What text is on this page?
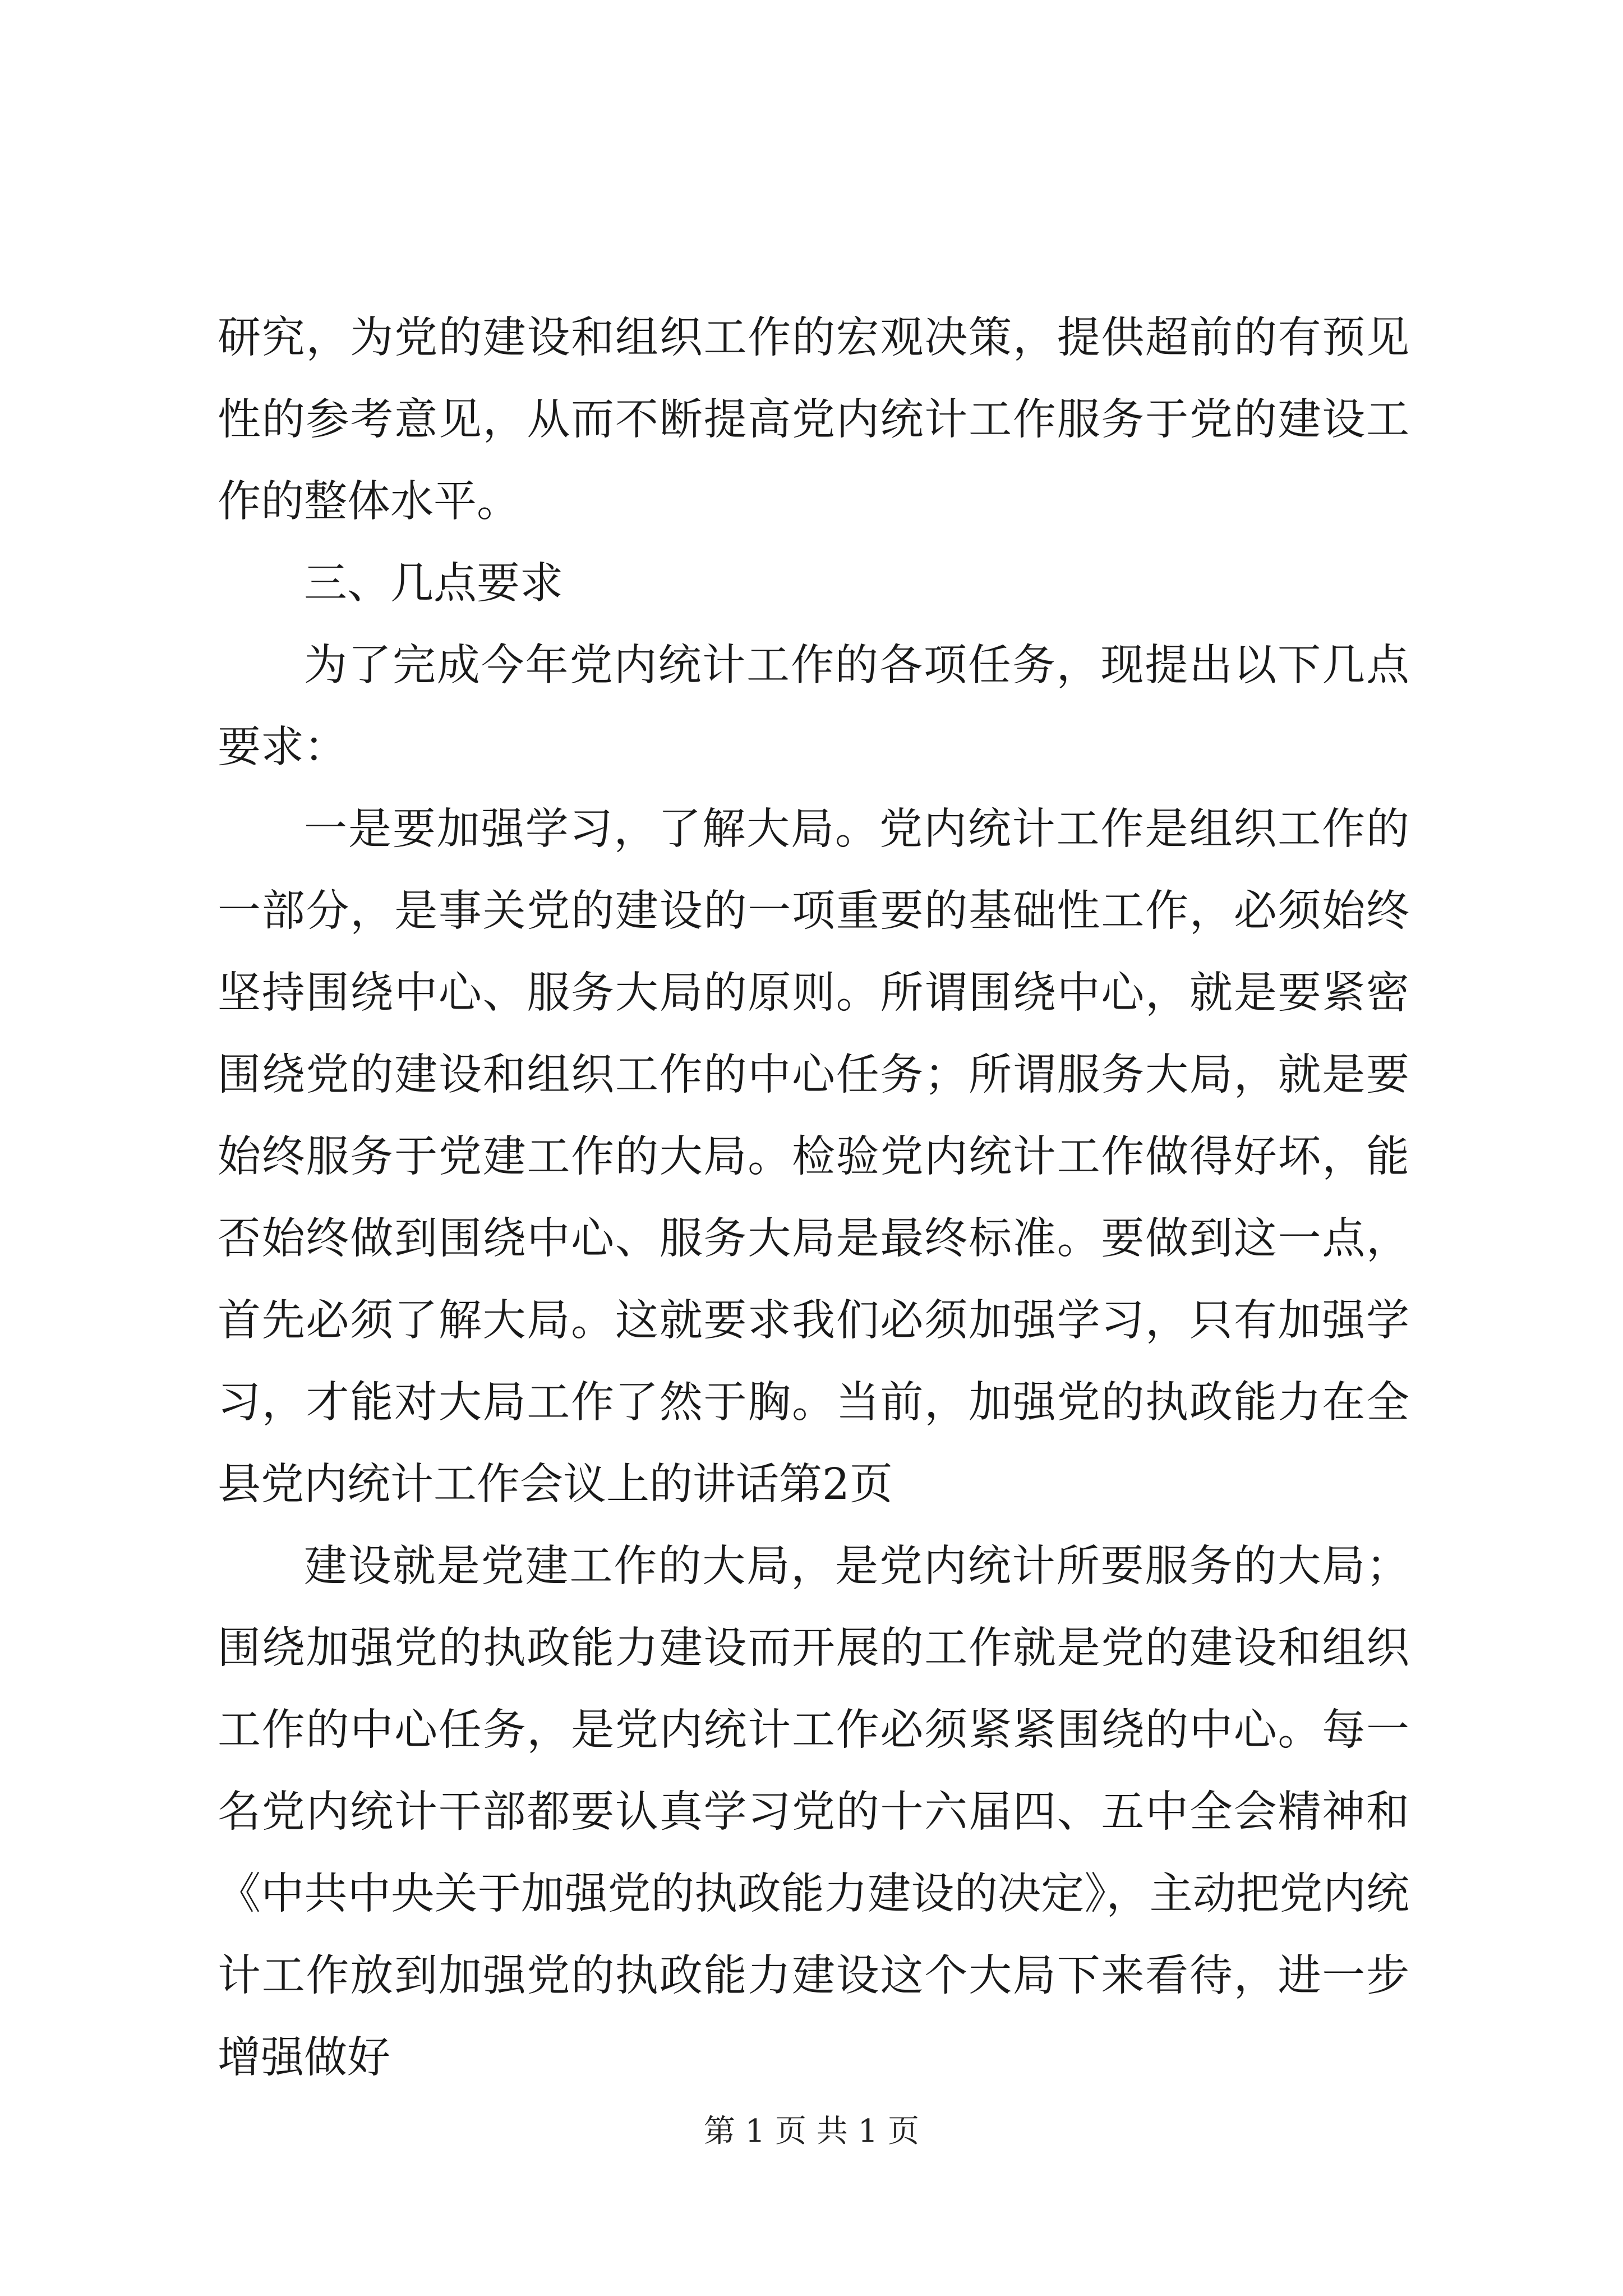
研究，为党的建设和组织工作的宏观决策，提供超前的有预见性的参考意见，从而不断提高党内统计工作服务于党的建设工作的整体水平。

三、几点要求

为了完成今年党内统计工作的各项任务，现提出以下几点要求：

一是要加强学习，了解大局。党内统计工作是组织工作的一部分，是事关党的建设的一项重要的基础性工作，必须始终坚持围绕中心、服务大局的原则。所谓围绕中心，就是要紧密围绕党的建设和组织工作的中心任务；所谓服务大局，就是要始终服务于党建工作的大局。检验党内统计工作做得好坏，能否始终做到围绕中心、服务大局是最终标准。要做到这一点，首先必须了解大局。这就要求我们必须加强学习，只有加强学习，才能对大局工作了然于胸。当前，加强党的执政能力在全县党内统计工作会议上的讲话第2页

建设就是党建工作的大局，是党内统计所要服务的大局；围绕加强党的执政能力建设而开展的工作就是党的建设和组织工作的中心任务，是党内统计工作必须紧紧围绕的中心。每一名党内统计干部都要认真学习党的十六届四、五中全会精神和《中共中央关于加强党的执政能力建设的决定》，主动把党内统计工作放到加强党的执政能力建设这个大局下来看待，进一步增强做好

第 1 页 共 1 页
